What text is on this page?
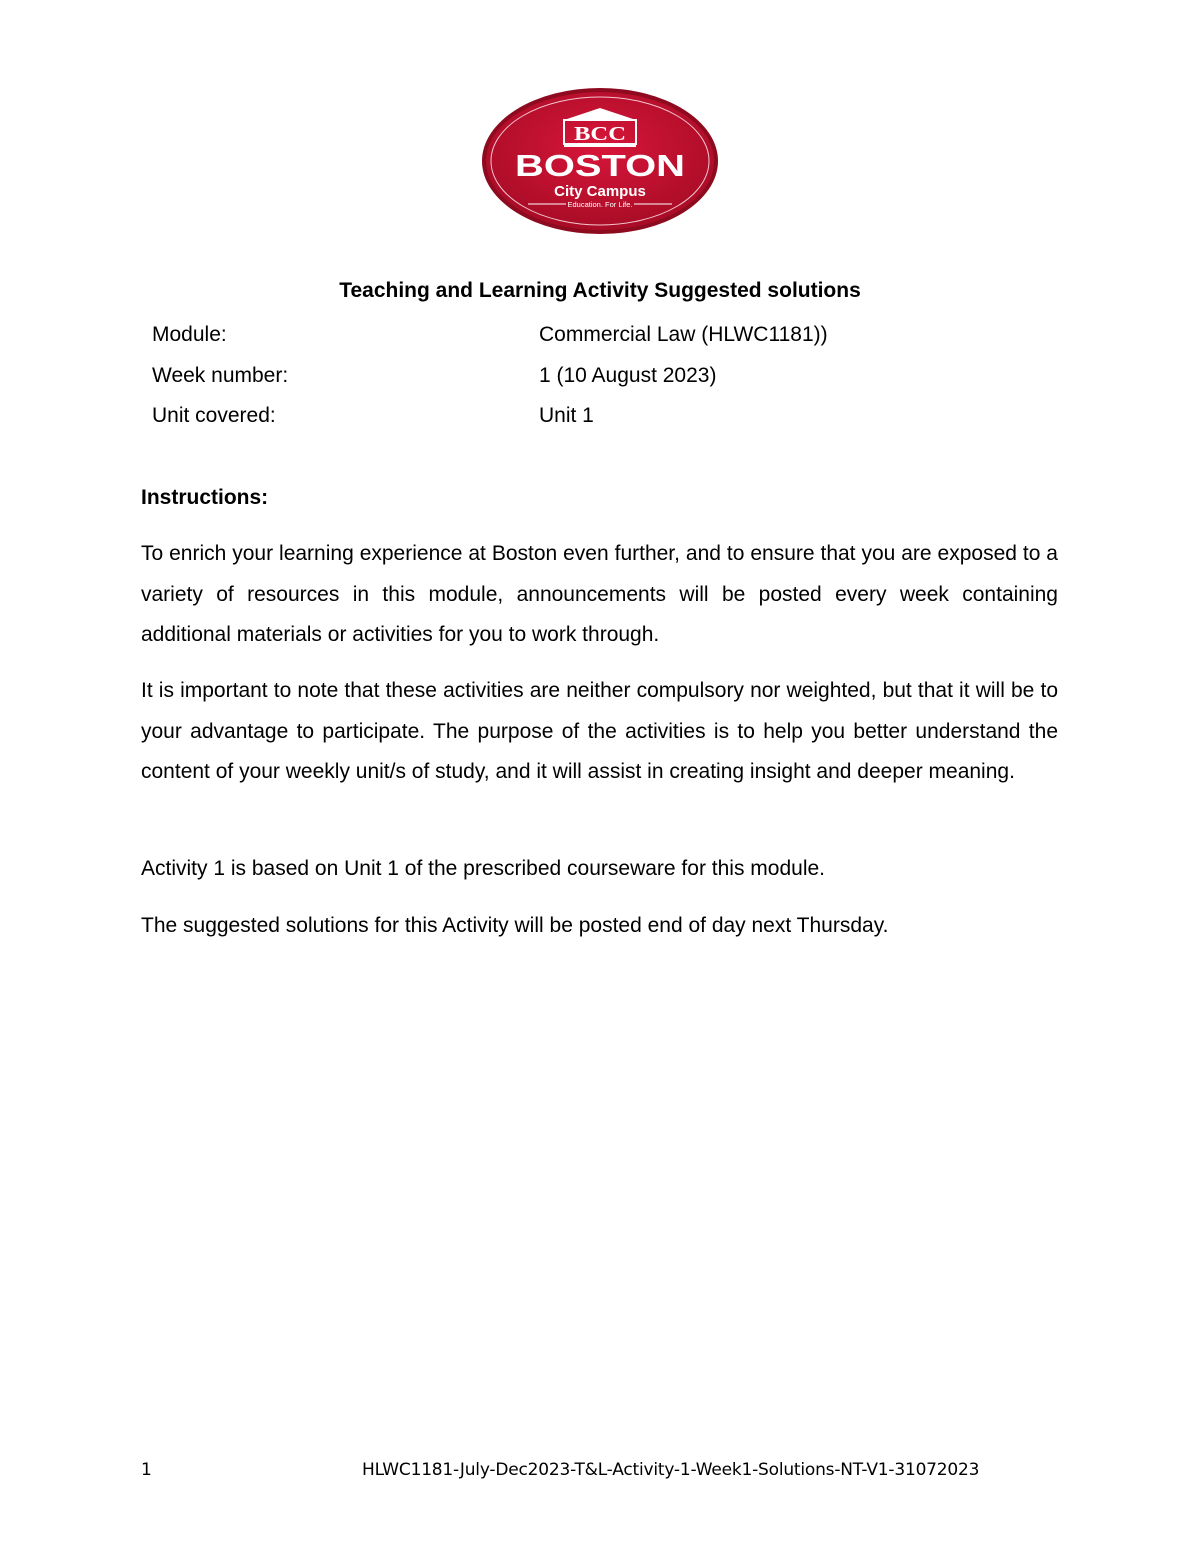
BCC
BOSTON
City Campus
Education. For Life.
Teaching and Learning Activity Suggested solutions
Module:	Commercial Law (HLWC1181))
Week number:	1 (10 August 2023)
Unit covered:	Unit 1
Instructions:

To enrich your learning experience at Boston even further, and to ensure that you are exposed to a variety of resources in this module, announcements will be posted every week containing additional materials or activities for you to work through.

It is important to note that these activities are neither compulsory nor weighted, but that it will be to your advantage to participate. The purpose of the activities is to help you better understand the content of your weekly unit/s of study, and it will assist in creating insight and deeper meaning.

Activity 1 is based on Unit 1 of the prescribed courseware for this module.

The suggested solutions for this Activity will be posted end of day next Thursday.

1	HLWC1181-July-Dec2023-T&L-Activity-1-Week1-Solutions-NT-V1-31072023
